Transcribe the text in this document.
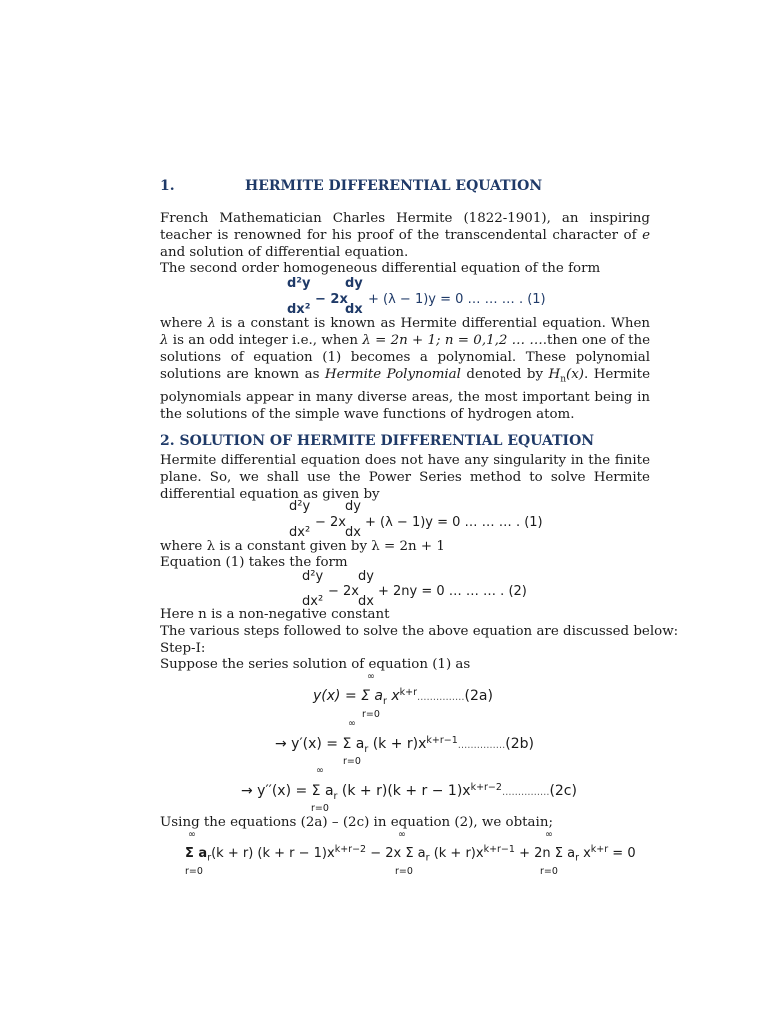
1.	HERMITE DIFFERENTIAL EQUATION
French Mathematician Charles Hermite (1822-1901), an inspiring teacher is renowned for his proof of the transcendental character of e and solution of differential equation.
The second order homogeneous differential equation of the form
d²y
dx²
− 2x
dy
dx
+ (λ − 1)y = 0 … … … . (1)
where λ is a constant is known as Hermite differential equation. When λ is an odd integer i.e., when λ = 2n + 1; n = 0,1,2 … ….then one of the solutions of equation (1) becomes a polynomial. These polynomial solutions are known as Hermite Polynomial denoted by $H_n(x)$. Hermite polynomials appear in many diverse areas, the most important being in the solutions of the simple wave functions of hydrogen atom.
2. SOLUTION OF HERMITE DIFFERENTIAL EQUATION
Hermite differential equation does not have any singularity in the finite plane. So, we shall use the Power Series method to solve Hermite differential equation as given by
d²y
dx²
− 2x
dy
dx
+ (λ − 1)y = 0 … … … . (1)
where λ is a constant given by λ = 2n + 1
Equation (1) takes the form
d²y
dx²
− 2x
dy
dx
+ 2ny = 0 … … … . (2)
Here n is a non-negative constant
The various steps followed to solve the above equation are discussed below:
Step-I:
Suppose the series solution of equation (1) as
∞
y(x) = Σ $a_r$ $x^{k+r}\dots\dots\dots\dots\dots(2a)$
r=0
∞
→ y′(x) = Σ $a_r$ $(k + r)x^{k+r-1}\dots\dots\dots\dots\dots(2b)$
r=0
∞
→ y′′(x) = Σ $a_r$ $(k + r)(k + r - 1)x^{k+r-2}\dots\dots\dots\dots\dots(2c)$
r=0
Using the equations (2a) – (2c) in equation (2), we obtain;
∞	∞	∞
Σ $a_r(k + r) (k + r - 1)x^{k+r-2} - 2x$ Σ $a_r$ $(k + r)x^{k+r-1} + 2n$ Σ $a_r$ $x^{k+r} = 0$
r=0	r=0	r=0
